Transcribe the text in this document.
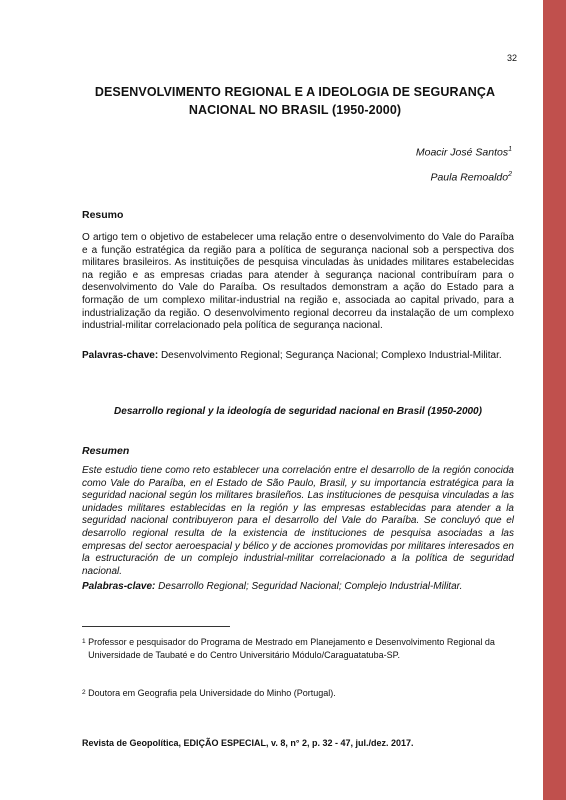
32
DESENVOLVIMENTO REGIONAL E A IDEOLOGIA DE SEGURANÇA
NACIONAL NO BRASIL (1950-2000)
Moacir José Santos$^1$
Paula Remoaldo$^2$
Resumo
O artigo tem o objetivo de estabelecer uma relação entre o desenvolvimento do Vale do Paraíba e a função estratégica da região para a política de segurança nacional sob a perspectiva dos militares brasileiros. As instituições de pesquisa vinculadas às unidades militares estabelecidas na região e as empresas criadas para atender à segurança nacional contribuíram para o desenvolvimento do Vale do Paraíba. Os resultados demonstram a ação do Estado para a formação de um complexo militar-industrial na região e, associada ao capital privado, para a industrialização da região. O desenvolvimento regional decorreu da instalação de um complexo industrial-militar correlacionado pela política de segurança nacional.
Palavras-chave: Desenvolvimento Regional; Segurança Nacional; Complexo Industrial-Militar.
Desarrollo regional y la ideología de seguridad nacional en Brasil (1950-2000)
Resumen
Este estudio tiene como reto establecer una correlación entre el desarrollo de la región conocida como Vale do Paraíba, en el Estado de São Paulo, Brasil, y su importancia estratégica para la seguridad nacional según los militares brasileños. Las instituciones de pesquisa vinculadas a las unidades militares establecidas en la región y las empresas establecidas para atender a la seguridad nacional contribuyeron para el desarrollo del Vale do Paraíba. Se concluyó que el desarrollo regional resulta de la existencia de instituciones de pesquisa asociadas a las empresas del sector aeroespacial y bélico y de acciones promovidas por militares interesados en la estructuración de un complejo industrial-militar correlacionado a la política de seguridad nacional.
Palabras-clave: Desarrollo Regional; Seguridad Nacional; Complejo Industrial-Militar.
$^1$ Professor e pesquisador do Programa de Mestrado em Planejamento e Desenvolvimento Regional da Universidade de Taubaté e do Centro Universitário Módulo/Caraguatatuba-SP.
$^2$ Doutora em Geografia pela Universidade do Minho (Portugal).
Revista de Geopolítica, EDIÇÃO ESPECIAL, v. 8, n° 2, p. 32 - 47, jul./dez. 2017.
